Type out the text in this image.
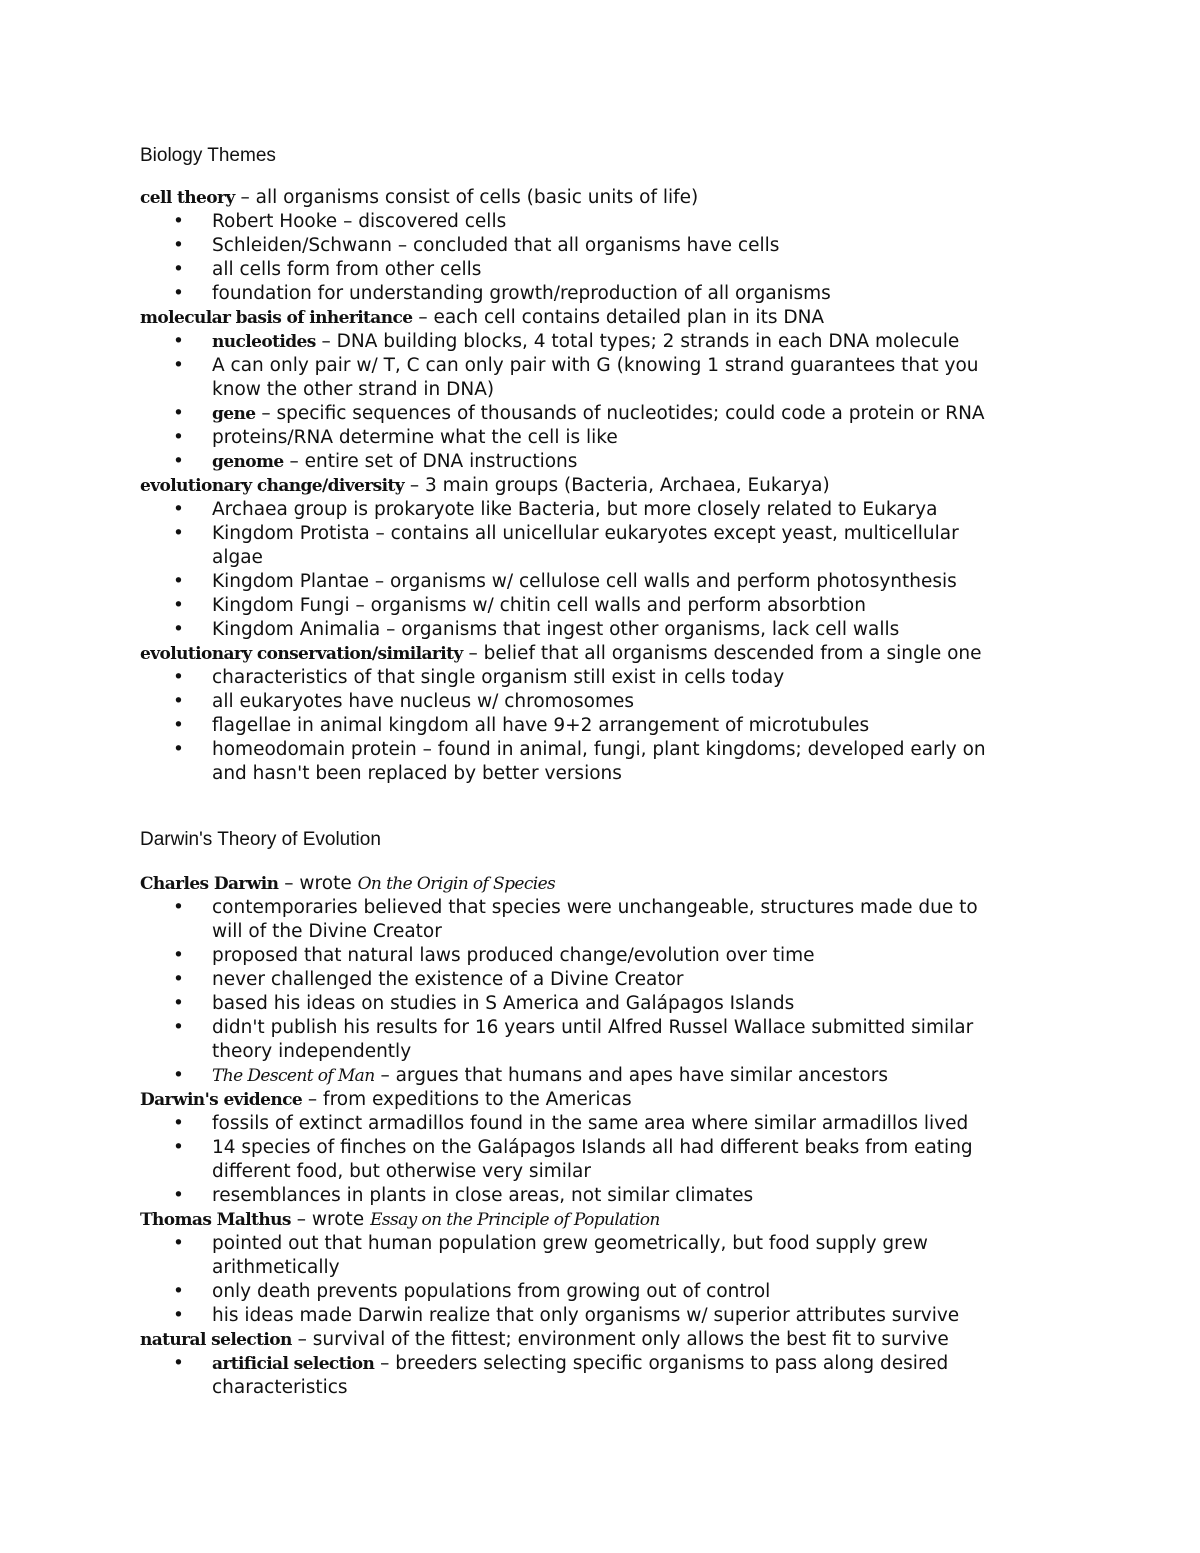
Biology Themes
cell theory – all organisms consist of cells (basic units of life)
• Robert Hooke – discovered cells
• Schleiden/Schwann – concluded that all organisms have cells
• all cells form from other cells
• foundation for understanding growth/reproduction of all organisms
molecular basis of inheritance – each cell contains detailed plan in its DNA
• nucleotides – DNA building blocks, 4 total types; 2 strands in each DNA molecule
• A can only pair w/ T, C can only pair with G (knowing 1 strand guarantees that you
know the other strand in DNA)
• gene – specific sequences of thousands of nucleotides; could code a protein or RNA
• proteins/RNA determine what the cell is like
• genome – entire set of DNA instructions
evolutionary change/diversity – 3 main groups (Bacteria, Archaea, Eukarya)
• Archaea group is prokaryote like Bacteria, but more closely related to Eukarya
• Kingdom Protista – contains all unicellular eukaryotes except yeast, multicellular
algae
• Kingdom Plantae – organisms w/ cellulose cell walls and perform photosynthesis
• Kingdom Fungi – organisms w/ chitin cell walls and perform absorbtion
• Kingdom Animalia – organisms that ingest other organisms, lack cell walls
evolutionary conservation/similarity – belief that all organisms descended from a single one
• characteristics of that single organism still exist in cells today
• all eukaryotes have nucleus w/ chromosomes
• flagellae in animal kingdom all have 9+2 arrangement of microtubules
• homeodomain protein – found in animal, fungi, plant kingdoms; developed early on
and hasn't been replaced by better versions
Darwin's Theory of Evolution
Charles Darwin – wrote On the Origin of Species
• contemporaries believed that species were unchangeable, structures made due to
will of the Divine Creator
• proposed that natural laws produced change/evolution over time
• never challenged the existence of a Divine Creator
• based his ideas on studies in S America and Galápagos Islands
• didn't publish his results for 16 years until Alfred Russel Wallace submitted similar
theory independently
• The Descent of Man – argues that humans and apes have similar ancestors
Darwin's evidence – from expeditions to the Americas
• fossils of extinct armadillos found in the same area where similar armadillos lived
• 14 species of finches on the Galápagos Islands all had different beaks from eating
different food, but otherwise very similar
• resemblances in plants in close areas, not similar climates
Thomas Malthus – wrote Essay on the Principle of Population
• pointed out that human population grew geometrically, but food supply grew
arithmetically
• only death prevents populations from growing out of control
• his ideas made Darwin realize that only organisms w/ superior attributes survive
natural selection – survival of the fittest; environment only allows the best fit to survive
• artificial selection – breeders selecting specific organisms to pass along desired
characteristics
